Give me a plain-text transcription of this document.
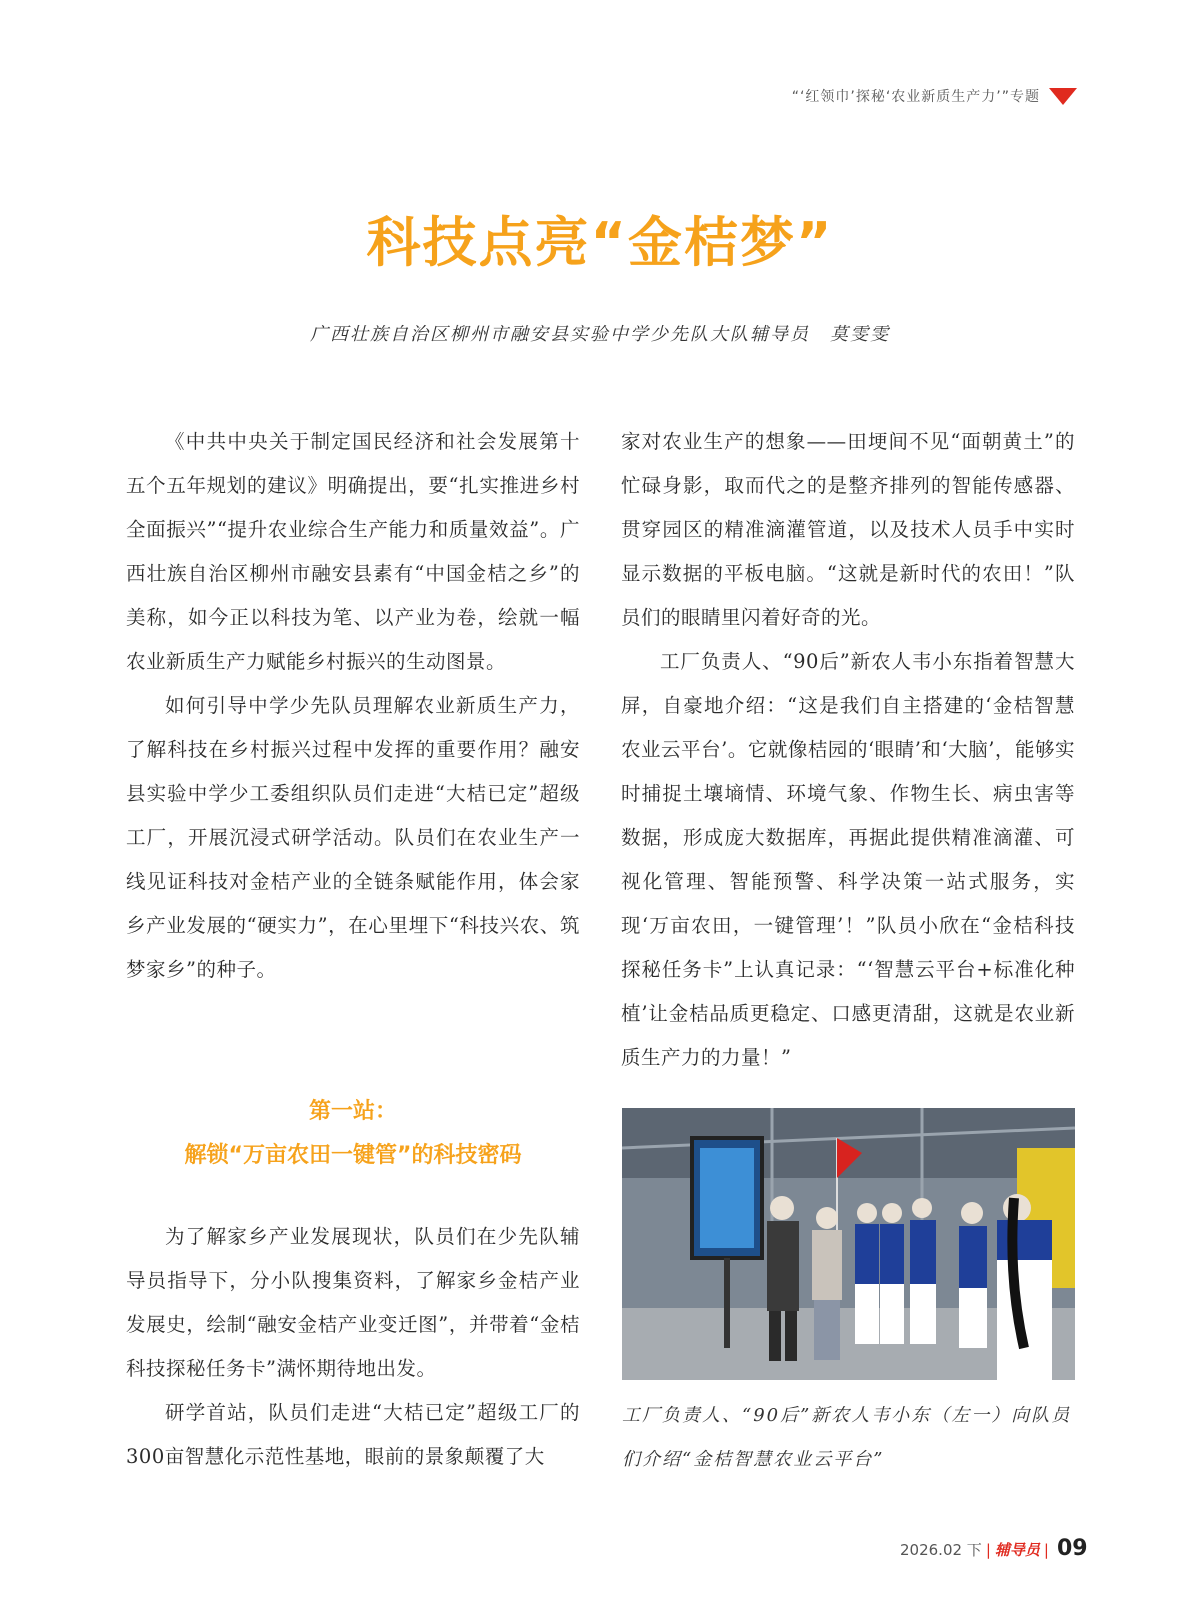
“‘红领巾’探秘‘农业新质生产力’”专题
科技点亮“金桔梦”
广西壮族自治区柳州市融安县实验中学少先队大队辅导员　莫雯雯

《中共中央关于制定国民经济和社会发展第十五个五年规划的建议》明确提出，要“扎实推进乡村全面振兴”“提升农业综合生产能力和质量效益”。广西壮族自治区柳州市融安县素有“中国金桔之乡”的美称，如今正以科技为笔、以产业为卷，绘就一幅农业新质生产力赋能乡村振兴的生动图景。

如何引导中学少先队员理解农业新质生产力，了解科技在乡村振兴过程中发挥的重要作用？融安县实验中学少工委组织队员们走进“大桔已定”超级工厂，开展沉浸式研学活动。队员们在农业生产一线见证科技对金桔产业的全链条赋能作用，体会家乡产业发展的“硬实力”，在心里埋下“科技兴农、筑梦家乡”的种子。

第一站：
解锁“万亩农田一键管”的科技密码

为了解家乡产业发展现状，队员们在少先队辅导员指导下，分小队搜集资料，了解家乡金桔产业发展史，绘制“融安金桔产业变迁图”，并带着“金桔科技探秘任务卡”满怀期待地出发。

研学首站，队员们走进“大桔已定”超级工厂的300亩智慧化示范性基地，眼前的景象颠覆了大

家对农业生产的想象——田埂间不见“面朝黄土”的忙碌身影，取而代之的是整齐排列的智能传感器、贯穿园区的精准滴灌管道，以及技术人员手中实时显示数据的平板电脑。“这就是新时代的农田！”队员们的眼睛里闪着好奇的光。

工厂负责人、“90后”新农人韦小东指着智慧大屏，自豪地介绍：“这是我们自主搭建的‘金桔智慧农业云平台’。它就像桔园的‘眼睛’和‘大脑’，能够实时捕捉土壤墒情、环境气象、作物生长、病虫害等数据，形成庞大数据库，再据此提供精准滴灌、可视化管理、智能预警、科学决策一站式服务，实现‘万亩农田，一键管理’！”队员小欣在“金桔科技探秘任务卡”上认真记录：“‘智慧云平台+标准化种植’让金桔品质更稳定、口感更清甜，这就是农业新质生产力的力量！”

工厂负责人、“90后”新农人韦小东（左一）向队员们介绍“金桔智慧农业云平台”
2026.02 下 | 辅导员 | 09
